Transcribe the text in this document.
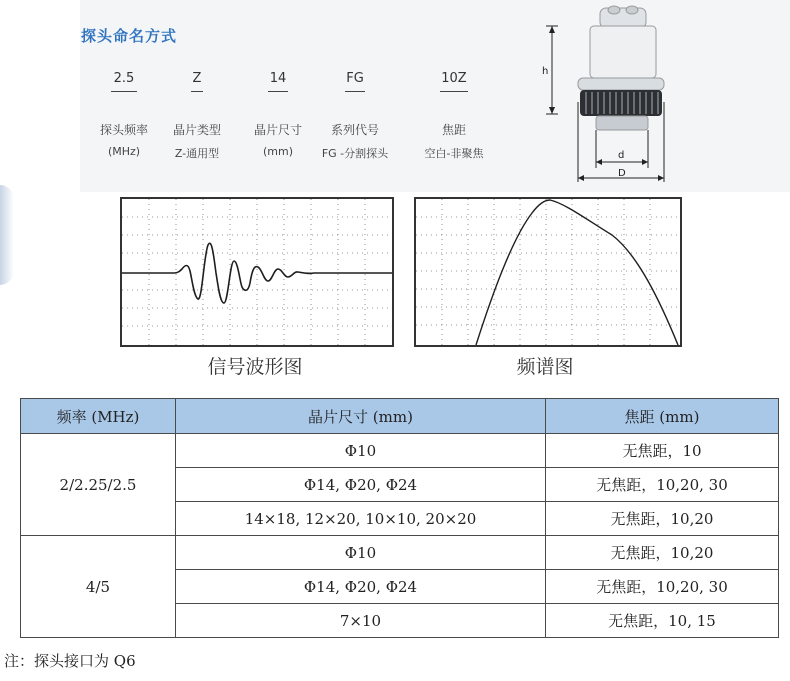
探头命名方式
2.5
探头频率
(MHz)
Z
晶片类型
Z-通用型
14
晶片尺寸
(mm)
FG
系列代号
FG -分割探头
10Z
焦距
空白-非聚焦
h
d
D
信号波形图	频谱图
频率 (MHz)	晶片尺寸 (mm)	焦距 (mm)
2/2.25/2.5	Φ10	无焦距，10
	Φ14, Φ20, Φ24	无焦距，10,20, 30
	14×18, 12×20, 10×10, 20×20	无焦距，10,20
4/5	Φ10	无焦距，10,20
	Φ14, Φ20, Φ24	无焦距，10,20, 30
	7×10	无焦距，10, 15
注：探头接口为 Q6
